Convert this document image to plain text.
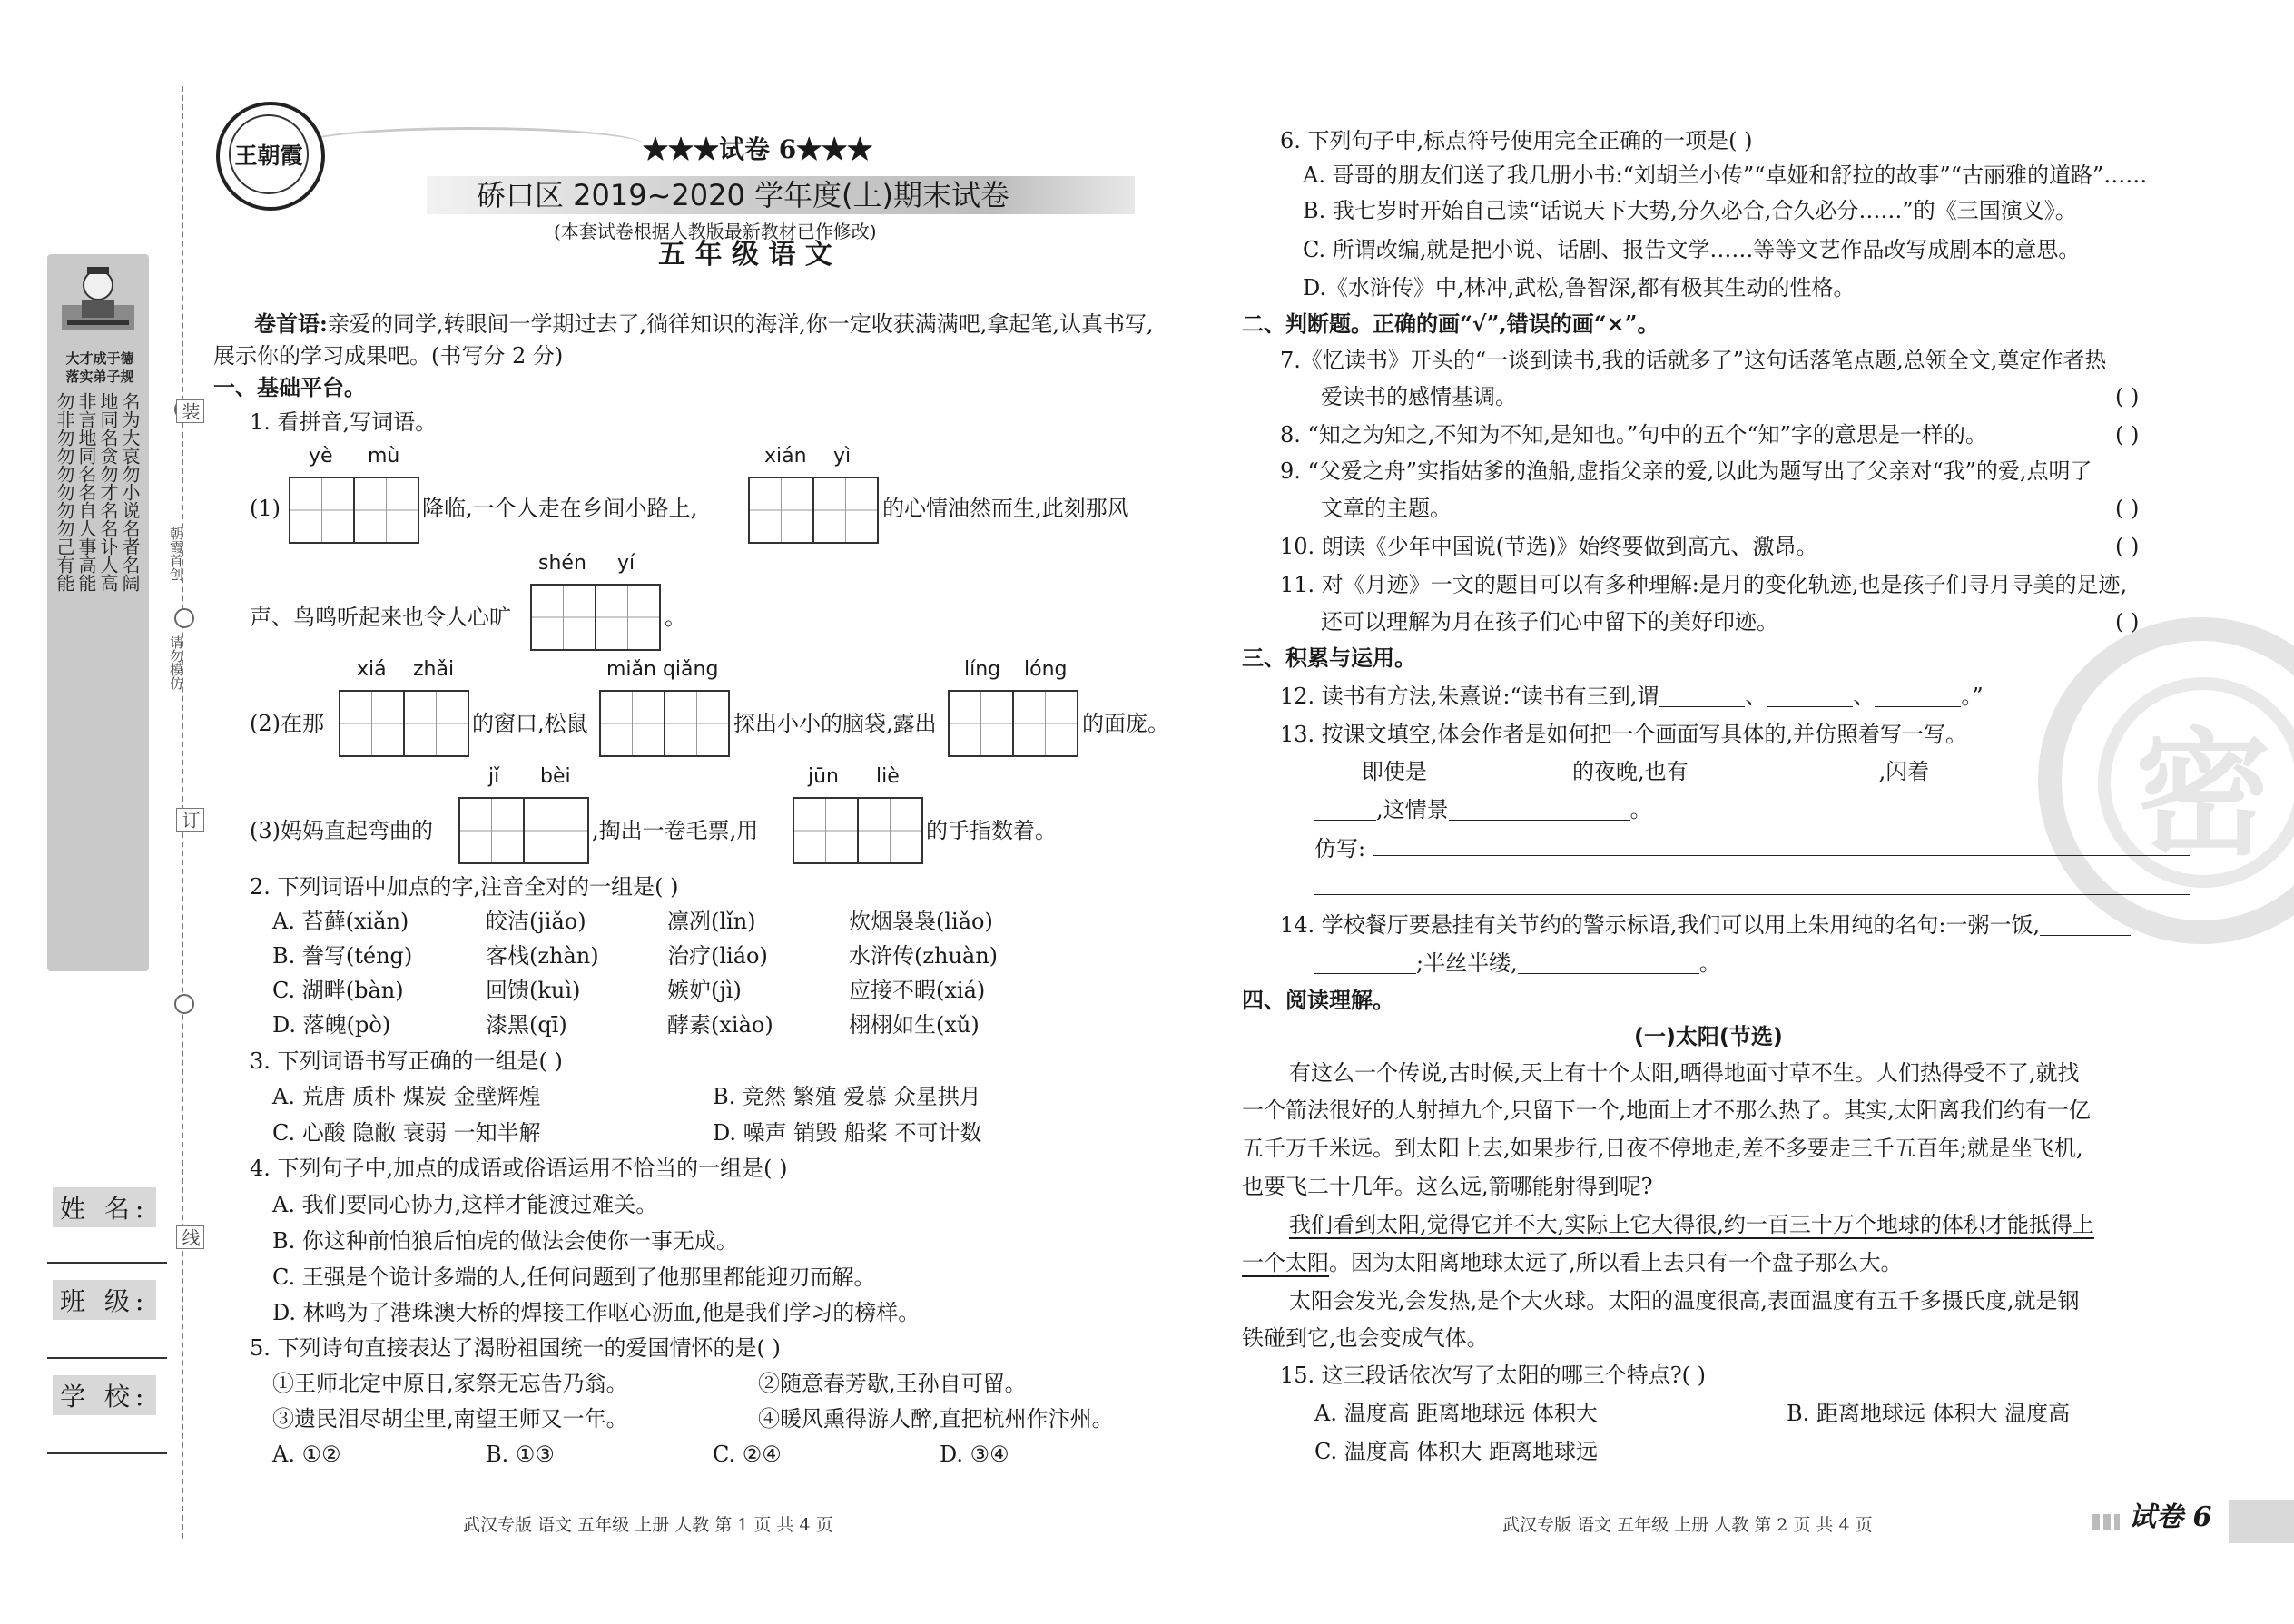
装
订
线
朝霞首创
请勿模仿
大才成于德
落实弟子规
勿非勿勿勿勿勿勿己有能 非言地同名名自人事高能 地同名贪勿才名名讣人高 名为大哀勿小说名者名阔
姓 名:
班 级:
学 校:
王朝霞	★★★试卷 6★★★
硚口区 2019~2020 学年度(上)期末试卷
(本套试卷根据人教版最新教材已作修改)
五 年 级 语 文
卷首语:亲爱的同学,转眼间一学期过去了,徜徉知识的海洋,你一定收获满满吧,拿起笔,认真书写,
展示你的学习成果吧。(书写分 2 分)
一、基础平台。
1. 看拼音,写词语。
yè mù
(1)	降临,一个人走在乡间小路上,
xián yì
的心情油然而生,此刻那风
shén yí
声、鸟鸣听起来也令人心旷	。
xiá zhǎi
(2)在那	的窗口,松鼠
miǎn qiǎng
探出小小的脑袋,露出
líng lóng
的面庞。
jǐ bèi
(3)妈妈直起弯曲的	,掏出一卷毛票,用
jūn liè
的手指数着。
2. 下列词语中加点的字,注音全对的一组是( )
A. 苔藓(xiǎn)	皎洁(jiǎo)	凛冽(lǐn)	炊烟袅袅(liǎo)
B. 誊写(téng)	客栈(zhàn)	治疗(liáo)	水浒传(zhuàn)
C. 湖畔(bàn)	回馈(kuì)	嫉妒(jì)	应接不暇(xiá)
D. 落魄(pò)	漆黑(qī)	酵素(xiào)	栩栩如生(xǔ)
3. 下列词语书写正确的一组是( )
A. 荒唐 质朴 煤炭 金壁辉煌	B. 竞然 繁殖 爱慕 众星拱月
C. 心酸 隐敝 衰弱 一知半解	D. 噪声 销毁 船桨 不可计数
4. 下列句子中,加点的成语或俗语运用不恰当的一组是( )
A. 我们要同心协力,这样才能渡过难关。
B. 你这种前怕狼后怕虎的做法会使你一事无成。
C. 王强是个诡计多端的人,任何问题到了他那里都能迎刃而解。
D. 林鸣为了港珠澳大桥的焊接工作呕心沥血,他是我们学习的榜样。
5. 下列诗句直接表达了渴盼祖国统一的爱国情怀的是( )
①王师北定中原日,家祭无忘告乃翁。	②随意春芳歇,王孙自可留。
③遗民泪尽胡尘里,南望王师又一年。	④暖风熏得游人醉,直把杭州作汴州。
A. ①②	B. ①③	C. ②④	D. ③④
密
6. 下列句子中,标点符号使用完全正确的一项是( )
A. 哥哥的朋友们送了我几册小书:“刘胡兰小传”“卓娅和舒拉的故事”“古丽雅的道路”……
B. 我七岁时开始自己读“话说天下大势,分久必合,合久必分……”的《三国演义》。
C. 所谓改编,就是把小说、话剧、报告文学……等等文艺作品改写成剧本的意思。
D.《水浒传》中,林冲,武松,鲁智深,都有极其生动的性格。
二、判断题。正确的画“√”,错误的画“×”。
7.《忆读书》开头的“一谈到读书,我的话就多了”这句话落笔点题,总领全文,奠定作者热
爱读书的感情基调。	( )
8. “知之为知之,不知为不知,是知也。”句中的五个“知”字的意思是一样的。	( )
9. “父爱之舟”实指姑爹的渔船,虚指父亲的爱,以此为题写出了父亲对“我”的爱,点明了
文章的主题。	( )
10. 朗读《少年中国说(节选)》始终要做到高亢、激昂。	( )
11. 对《月迹》一文的题目可以有多种理解:是月的变化轨迹,也是孩子们寻月寻美的足迹,
还可以理解为月在孩子们心中留下的美好印迹。	( )
三、积累与运用。
12. 读书有方法,朱熹说:“读书有三到,谓	、	、	。”
13. 按课文填空,体会作者是如何把一个画面写具体的,并仿照着写一写。
即使是	的夜晚,也有	,闪着
,这情景	。
仿写:
14. 学校餐厅要悬挂有关节约的警示标语,我们可以用上朱用纯的名句:一粥一饭,
;半丝半缕,	。
四、阅读理解。
(一)太阳(节选)
有这么一个传说,古时候,天上有十个太阳,晒得地面寸草不生。人们热得受不了,就找
一个箭法很好的人射掉九个,只留下一个,地面上才不那么热了。其实,太阳离我们约有一亿
五千万千米远。到太阳上去,如果步行,日夜不停地走,差不多要走三千五百年;就是坐飞机,
也要飞二十几年。这么远,箭哪能射得到呢?
我们看到太阳,觉得它并不大,实际上它大得很,约一百三十万个地球的体积才能抵得上
一个太阳。因为太阳离地球太远了,所以看上去只有一个盘子那么大。
太阳会发光,会发热,是个大火球。太阳的温度很高,表面温度有五千多摄氏度,就是钢
铁碰到它,也会变成气体。
15. 这三段话依次写了太阳的哪三个特点?( )
A. 温度高 距离地球远 体积大	B. 距离地球远 体积大 温度高
C. 温度高 体积大 距离地球远
武汉专版 语文 五年级 上册 人教 第 1 页 共 4 页	武汉专版 语文 五年级 上册 人教 第 2 页 共 4 页	试卷 6
